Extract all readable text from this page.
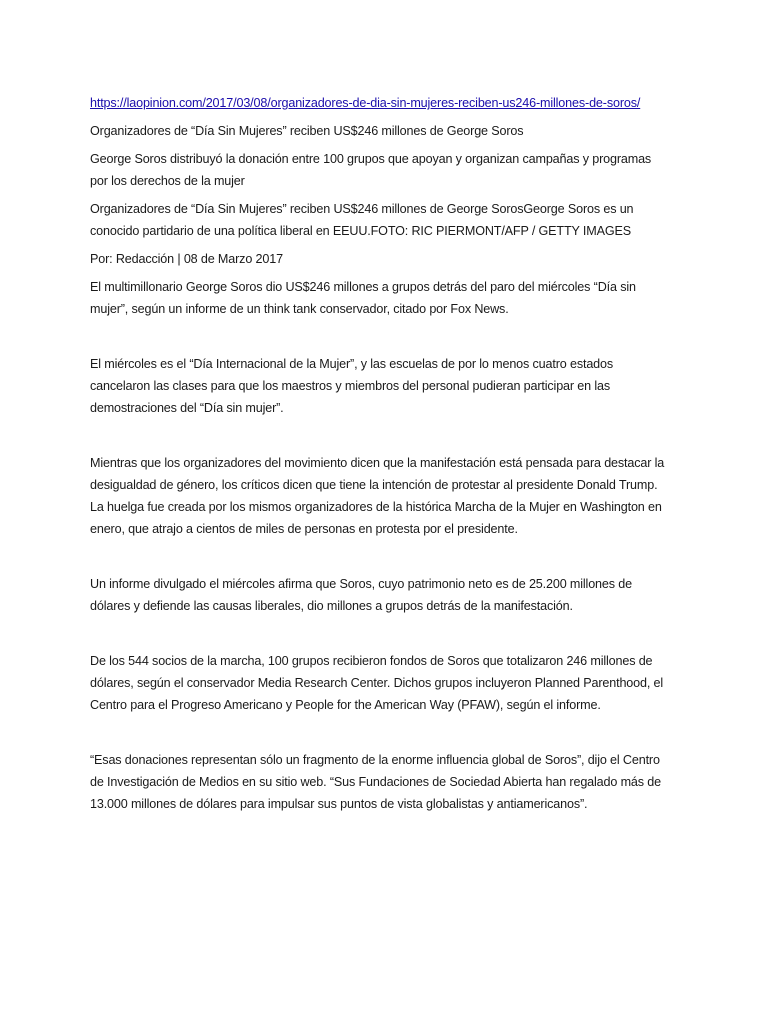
https://laopinion.com/2017/03/08/organizadores-de-dia-sin-mujeres-reciben-us246-millones-de-soros/

Organizadores de “Día Sin Mujeres” reciben US$246 millones de George Soros

George Soros distribuyó la donación entre 100 grupos que apoyan y organizan campañas y programas
por los derechos de la mujer

Organizadores de “Día Sin Mujeres” reciben US$246 millones de George SorosGeorge Soros es un
conocido partidario de una política liberal en EEUU.FOTO: RIC PIERMONT/AFP / GETTY IMAGES

Por: Redacción | 08 de Marzo 2017

El multimillonario George Soros dio US$246 millones a grupos detrás del paro del miércoles “Día sin
mujer”, según un informe de un think tank conservador, citado por Fox News.

El miércoles es el “Día Internacional de la Mujer”, y las escuelas de por lo menos cuatro estados
cancelaron las clases para que los maestros y miembros del personal pudieran participar en las
demostraciones del “Día sin mujer”.

Mientras que los organizadores del movimiento dicen que la manifestación está pensada para destacar la
desigualdad de género, los críticos dicen que tiene la intención de protestar al presidente Donald Trump.
La huelga fue creada por los mismos organizadores de la histórica Marcha de la Mujer en Washington en
enero, que atrajo a cientos de miles de personas en protesta por el presidente.

Un informe divulgado el miércoles afirma que Soros, cuyo patrimonio neto es de 25.200 millones de
dólares y defiende las causas liberales, dio millones a grupos detrás de la manifestación.

De los 544 socios de la marcha, 100 grupos recibieron fondos de Soros que totalizaron 246 millones de
dólares, según el conservador Media Research Center. Dichos grupos incluyeron Planned Parenthood, el
Centro para el Progreso Americano y People for the American Way (PFAW), según el informe.

“Esas donaciones representan sólo un fragmento de la enorme influencia global de Soros”, dijo el Centro
de Investigación de Medios en su sitio web. “Sus Fundaciones de Sociedad Abierta han regalado más de
13.000 millones de dólares para impulsar sus puntos de vista globalistas y antiamericanos”.
